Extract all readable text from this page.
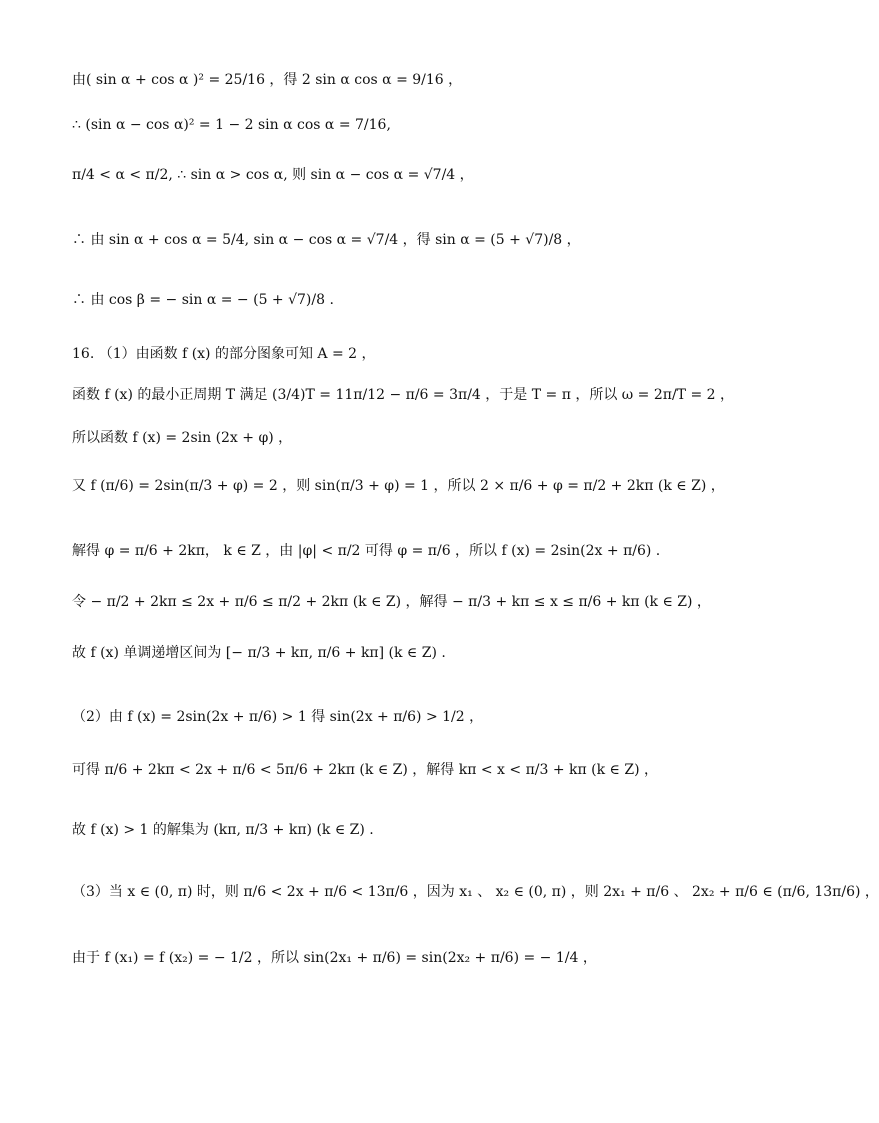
由( sin α + cos α )² = 25/16 ，得 2 sin α cos α = 9/16 ，
∴ (sin α − cos α)² = 1 − 2 sin α cos α = 7/16,
π/4 < α < π/2, ∴ sin α > cos α, 则 sin α − cos α = √7/4 ，
∴ 由 sin α + cos α = 5/4, sin α − cos α = √7/4 ，得 sin α = (5 + √7)/8 ，
∴ 由 cos β = − sin α = − (5 + √7)/8 .
16. （1）由函数 f (x) 的部分图象可知 A = 2 ，
函数 f (x) 的最小正周期 T 满足 (3/4)T = 11π/12 − π/6 = 3π/4 ，于是 T = π ，所以 ω = 2π/T = 2 ，
所以函数 f (x) = 2sin (2x + φ) ，
又 f (π/6) = 2sin(π/3 + φ) = 2 ，则 sin(π/3 + φ) = 1 ，所以 2 × π/6 + φ = π/2 + 2kπ (k ∈ Z) ，
解得 φ = π/6 + 2kπ， k ∈ Z ，由 |φ| < π/2 可得 φ = π/6 ，所以 f (x) = 2sin(2x + π/6) .
令 − π/2 + 2kπ ≤ 2x + π/6 ≤ π/2 + 2kπ (k ∈ Z) ，解得 − π/3 + kπ ≤ x ≤ π/6 + kπ (k ∈ Z) ，
故 f (x) 单调递增区间为 [− π/3 + kπ, π/6 + kπ] (k ∈ Z) .
（2）由 f (x) = 2sin(2x + π/6) > 1 得 sin(2x + π/6) > 1/2 ，
可得 π/6 + 2kπ < 2x + π/6 < 5π/6 + 2kπ (k ∈ Z) ，解得 kπ < x < π/3 + kπ (k ∈ Z) ，
故 f (x) > 1 的解集为 (kπ, π/3 + kπ) (k ∈ Z) .
（3）当 x ∈ (0, π) 时，则 π/6 < 2x + π/6 < 13π/6 ，因为 x₁ 、 x₂ ∈ (0, π) ，则 2x₁ + π/6 、 2x₂ + π/6 ∈ (π/6, 13π/6) ，
由于 f (x₁) = f (x₂) = − 1/2 ，所以 sin(2x₁ + π/6) = sin(2x₂ + π/6) = − 1/4 ，
